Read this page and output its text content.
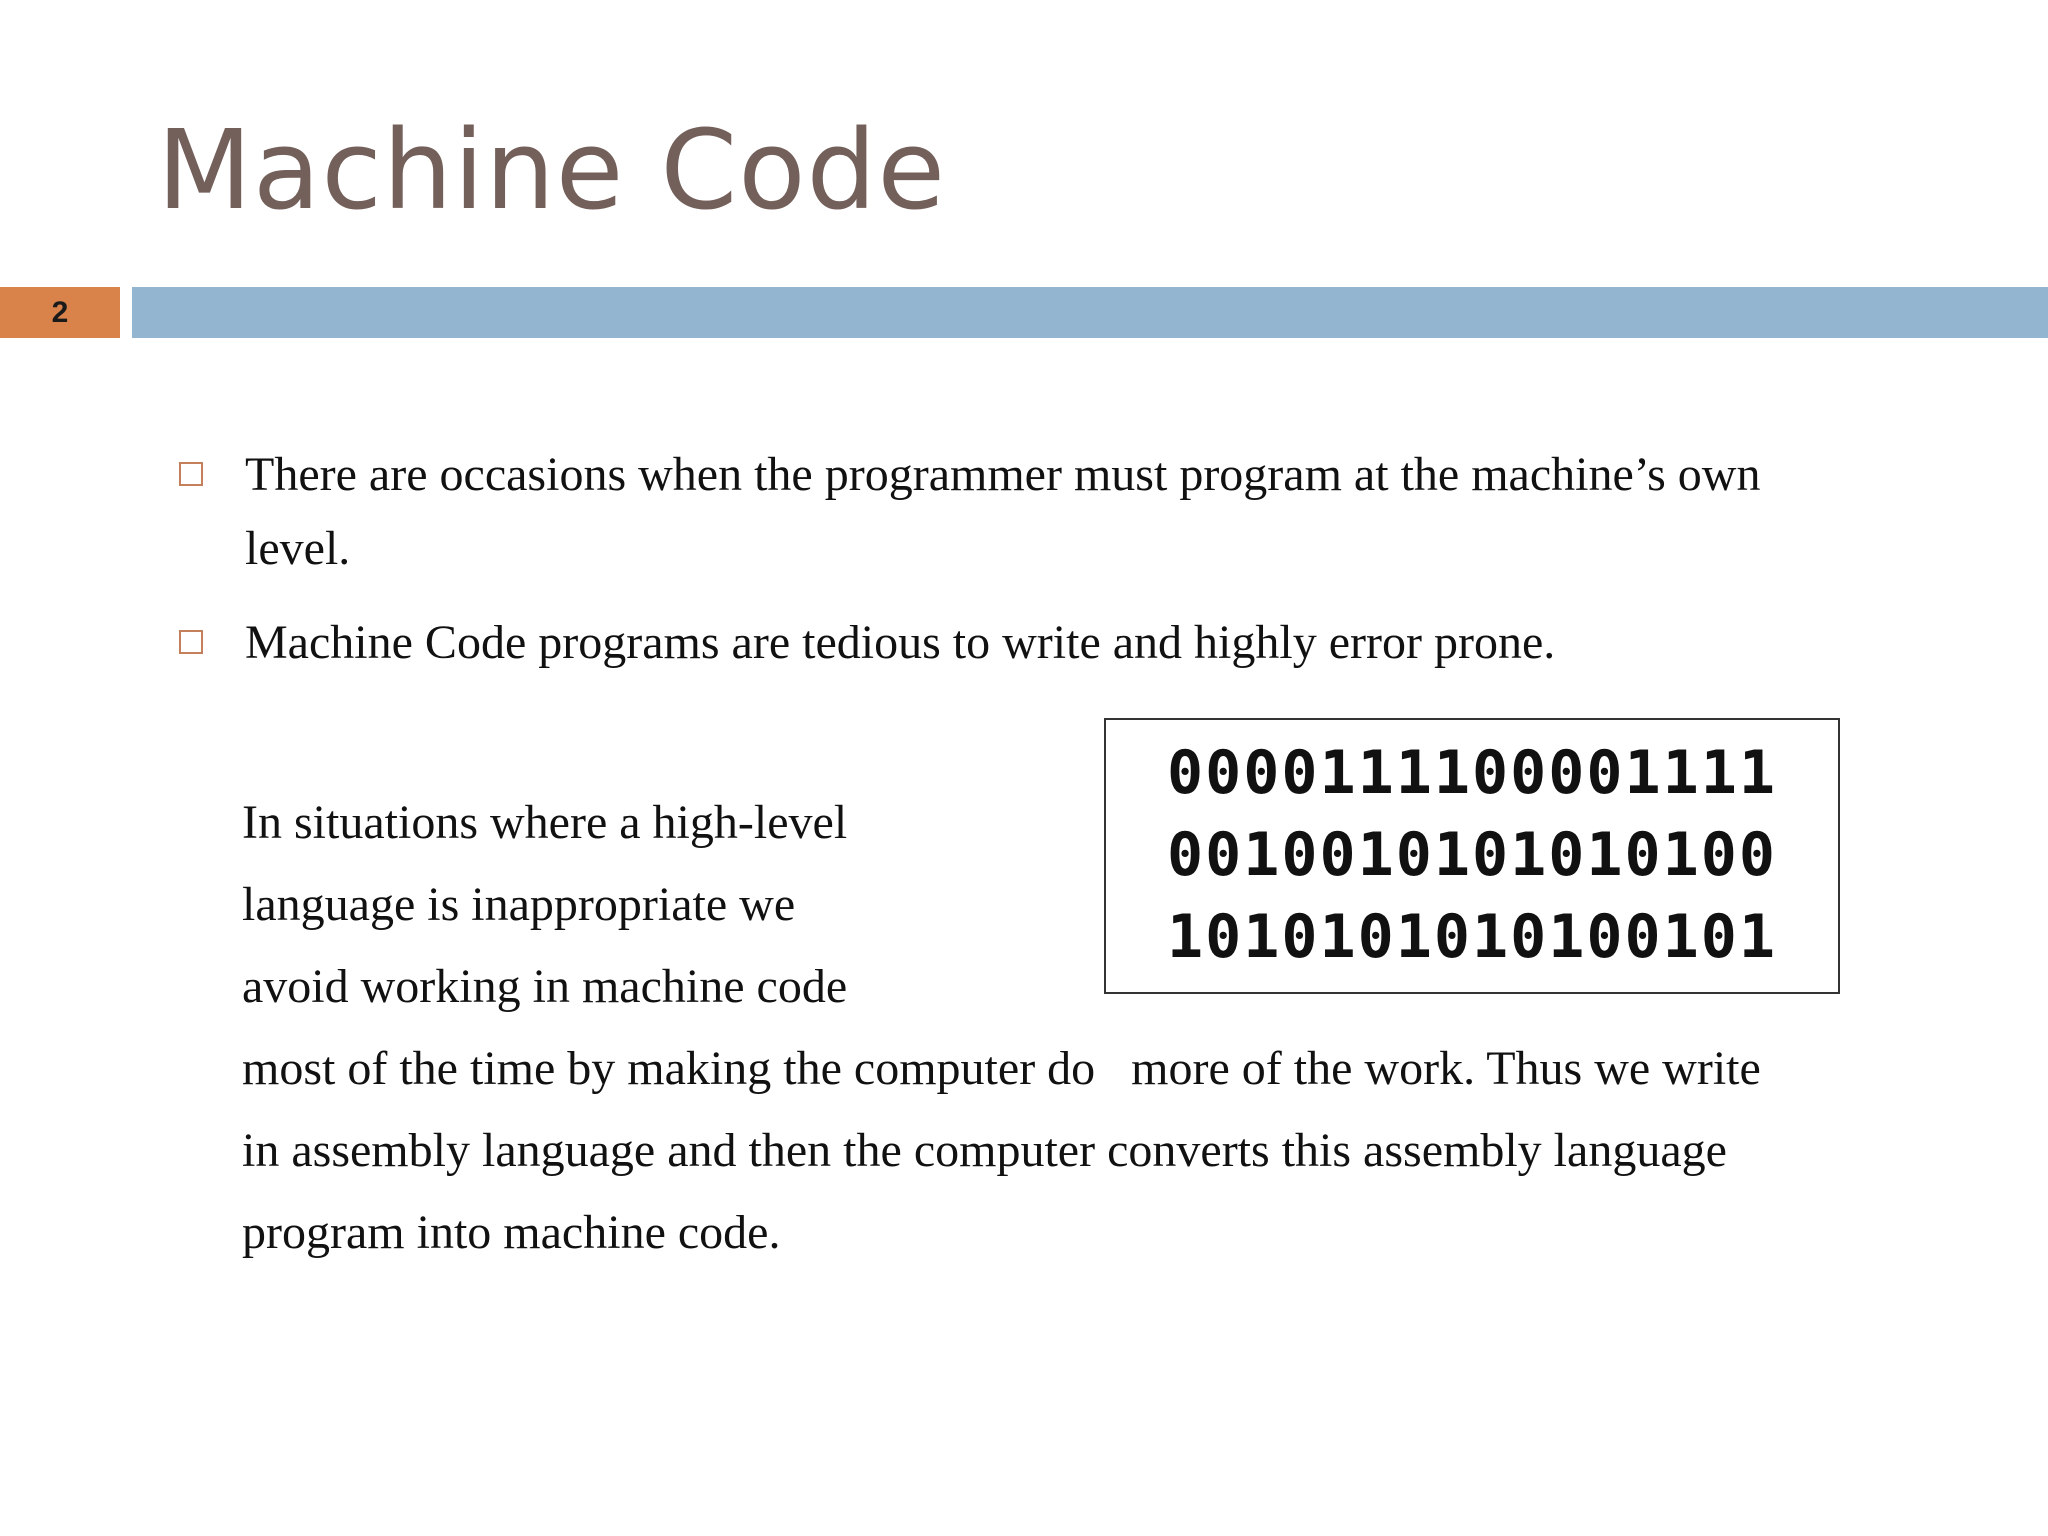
Machine Code
2
There are occasions when the programmer must program at the machine’s own level.
Machine Code programs are tedious to write and highly error prone.
0000111100001111
0010010101010100
1010101010100101
In situations where a high-level
language is inappropriate we
avoid working in machine code
most of the time by making the computer do   more of the work. Thus we write
in assembly language and then the computer converts this assembly language
program into machine code.
